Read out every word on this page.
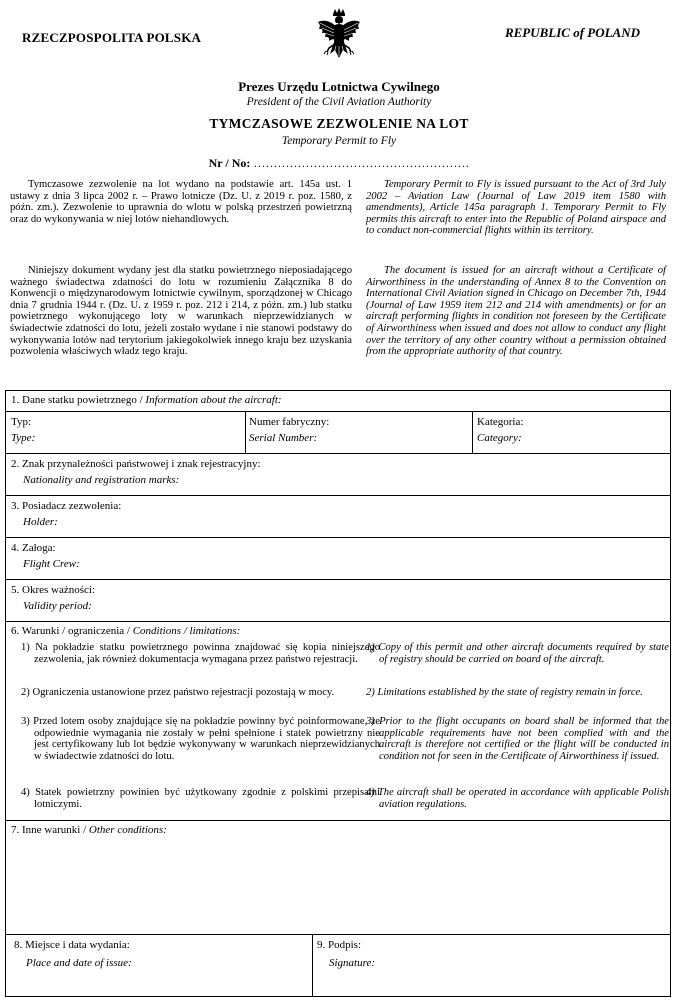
RZECZPOSPOLITA POLSKA	REPUBLIC of POLAND
Prezes Urzędu Lotnictwa Cywilnego
President of the Civil Aviation Authority
TYMCZASOWE ZEZWOLENIE NA LOT
Temporary Permit to Fly
Nr / No: ………………………………………………
Tymczasowe zezwolenie na lot wydano na podstawie art. 145a ust. 1 ustawy z dnia 3 lipca 2002 r. – Prawo lotnicze (Dz. U. z 2019 r. poz. 1580, z późn. zm.). Zezwolenie to uprawnia do wlotu w polską przestrzeń powietrzną oraz do wykonywania w niej lotów niehandlowych.
Temporary Permit to Fly is issued pursuant to the Act of 3rd July 2002 – Aviation Law (Journal of Law 2019 item 1580 with amendments), Article 145a paragraph 1. Temporary Permit to Fly permits this aircraft to enter into the Republic of Poland airspace and to conduct non-commercial flights within its territory.
Niniejszy dokument wydany jest dla statku powietrznego nieposiadającego ważnego świadectwa zdatności do lotu w rozumieniu Załącznika 8 do Konwencji o międzynarodowym lotnictwie cywilnym, sporządzonej w Chicago dnia 7 grudnia 1944 r. (Dz. U. z 1959 r. poz. 212 i 214, z późn. zm.) lub statku powietrznego wykonującego loty w warunkach nieprzewidzianych w świadectwie zdatności do lotu, jeżeli zostało wydane i nie stanowi podstawy do wykonywania lotów nad terytorium jakiegokolwiek innego kraju bez uzyskania pozwolenia właściwych władz tego kraju.
The document is issued for an aircraft without a Certificate of Airworthiness in the understanding of Annex 8 to the Convention on International Civil Aviation signed in Chicago on December 7th, 1944 (Journal of Law 1959 item 212 and 214 with amendments) or for an aircraft performing flights in condition not foreseen by the Certificate of Airworthiness when issued and does not allow to conduct any flight over the territory of any other country without a permission obtained from the appropriate authority of that country.
1. Dane statku powietrznego / Information about the aircraft:
Typ:
Type:
Numer fabryczny:
Serial Number:
Kategoria:
Category:
2. Znak przynależności państwowej i znak rejestracyjny:
Nationality and registration marks:
3. Posiadacz zezwolenia:
Holder:
4. Załoga:
Flight Crew:
5. Okres ważności:
Validity period:
6. Warunki / ograniczenia / Conditions / limitations:
1) Na pokładzie statku powietrznego powinna znajdować się kopia niniejszego zezwolenia, jak również dokumentacja wymagana przez państwo rejestracji.
1) Copy of this permit and other aircraft documents required by state of registry should be carried on board of the aircraft.
2) Ograniczenia ustanowione przez państwo rejestracji pozostają w mocy.	2) Limitations established by the state of registry remain in force.
3) Przed lotem osoby znajdujące się na pokładzie powinny być poinformowane, że odpowiednie wymagania nie zostały w pełni spełnione i statek powietrzny nie jest certyfikowany lub lot będzie wykonywany w warunkach nieprzewidzianych w świadectwie zdatności do lotu.
3) Prior to the flight occupants on board shall be informed that the applicable requirements have not been complied with and the aircraft is therefore not certified or the flight will be conducted in condition not for seen in the Certificate of Airworthiness if issued.
4) Statek powietrzny powinien być użytkowany zgodnie z polskimi przepisami lotniczymi.
4) The aircraft shall be operated in accordance with applicable Polish aviation regulations.
7. Inne warunki / Other conditions:
8. Miejsce i data wydania:
Place and date of issue:
9. Podpis:
Signature:
